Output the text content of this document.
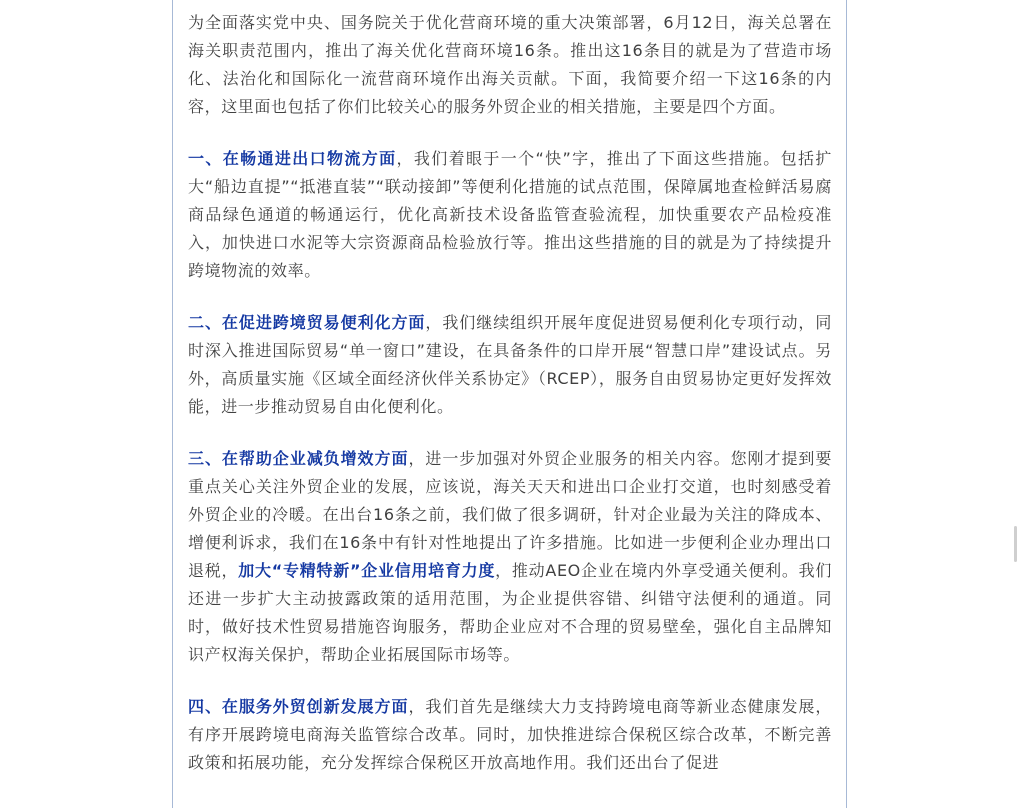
为全面落实党中央、国务院关于优化营商环境的重大决策部署，6月12日，海关总署在海关职责范围内，推出了海关优化营商环境16条。推出这16条目的就是为了营造市场化、法治化和国际化一流营商环境作出海关贡献。下面，我简要介绍一下这16条的内容，这里面也包括了你们比较关心的服务外贸企业的相关措施，主要是四个方面。

一、在畅通进出口物流方面，我们着眼于一个“快”字，推出了下面这些措施。包括扩大“船边直提”“抵港直装”“联动接卸”等便利化措施的试点范围，保障属地查检鲜活易腐商品绿色通道的畅通运行，优化高新技术设备监管查验流程，加快重要农产品检疫准入，加快进口水泥等大宗资源商品检验放行等。推出这些措施的目的就是为了持续提升跨境物流的效率。

二、在促进跨境贸易便利化方面，我们继续组织开展年度促进贸易便利化专项行动，同时深入推进国际贸易“单一窗口”建设，在具备条件的口岸开展“智慧口岸”建设试点。另外，高质量实施《区域全面经济伙伴关系协定》（RCEP），服务自由贸易协定更好发挥效能，进一步推动贸易自由化便利化。

三、在帮助企业减负增效方面，进一步加强对外贸企业服务的相关内容。您刚才提到要重点关心关注外贸企业的发展，应该说，海关天天和进出口企业打交道，也时刻感受着外贸企业的冷暖。在出台16条之前，我们做了很多调研，针对企业最为关注的降成本、增便利诉求，我们在16条中有针对性地提出了许多措施。比如进一步便利企业办理出口退税，加大“专精特新”企业信用培育力度，推动AEO企业在境内外享受通关便利。我们还进一步扩大主动披露政策的适用范围，为企业提供容错、纠错守法便利的通道。同时，做好技术性贸易措施咨询服务，帮助企业应对不合理的贸易壁垒，强化自主品牌知识产权海关保护，帮助企业拓展国际市场等。

四、在服务外贸创新发展方面，我们首先是继续大力支持跨境电商等新业态健康发展，有序开展跨境电商海关监管综合改革。同时，加快推进综合保税区综合改革，不断完善政策和拓展功能，充分发挥综合保税区开放高地作用。我们还出台了促进
